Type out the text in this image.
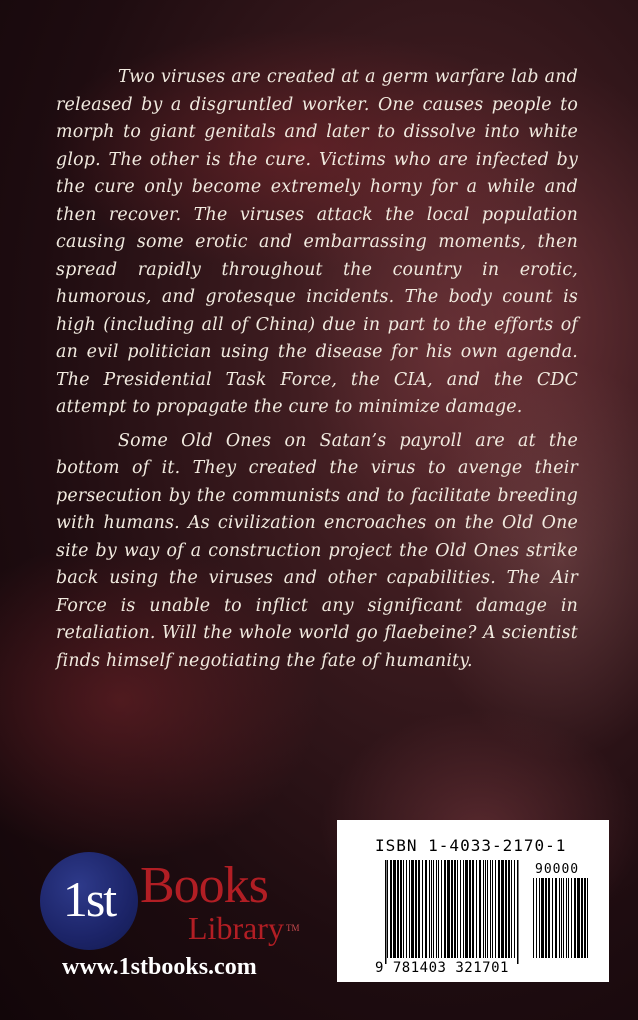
Two viruses are created at a germ warfare lab and released by a disgruntled worker. One causes people to morph to giant genitals and later to dissolve into white glop. The other is the cure. Victims who are infected by the cure only become extremely horny for a while and then recover. The viruses attack the local population causing some erotic and embarrassing moments, then spread rapidly throughout the country in erotic, humorous, and grotesque incidents. The body count is high (including all of China) due in part to the efforts of an evil politician using the disease for his own agenda. The Presidential Task Force, the CIA, and the CDC attempt to propagate the cure to minimize damage.

Some Old Ones on Satan’s payroll are at the bottom of it. They created the virus to avenge their persecution by the communists and to facilitate breeding with humans. As civilization encroaches on the Old One site by way of a construction project the Old Ones strike back using the viruses and other capabilities. The Air Force is unable to inflict any significant damage in retaliation. Will the whole world go flaebeine? A scientist finds himself negotiating the fate of humanity.

1st Books
Library ™
www.1stbooks.com
ISBN 1-4033-2170-1
90000
9 781403 321701
